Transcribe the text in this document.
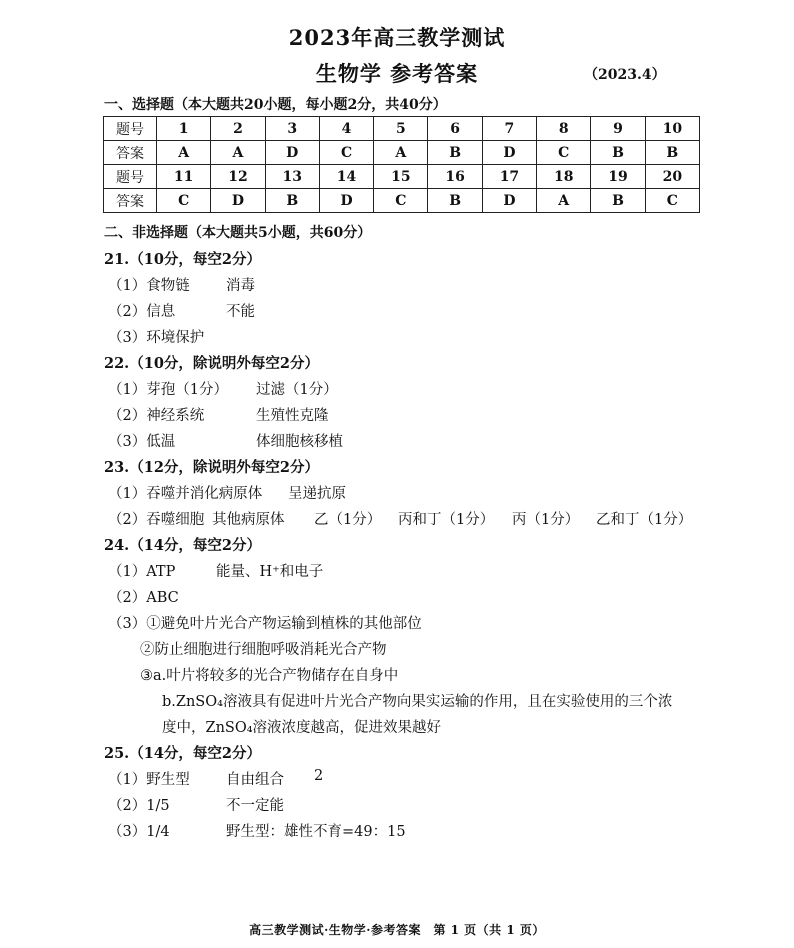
2023年高三教学测试
生物学 参考答案	（2023.4）
一、选择题（本大题共20小题，每小题2分，共40分）
题号	1	2	3	4	5	6	7	8	9	10
答案	A	A	D	C	A	B	D	C	B	B
题号	11	12	13	14	15	16	17	18	19	20
答案	C	D	B	D	C	B	D	A	B	C
二、非选择题（本大题共5小题，共60分）
21.（10分，每空2分）
（1）食物链	消毒
（2）信息	不能
（3）环境保护
22.（10分，除说明外每空2分）
（1）芽孢（1分） 过滤（1分）
（2）神经系统	生殖性克隆
（3）低温	体细胞核移植
23.（12分，除说明外每空2分）
（1）吞噬并消化病原体 呈递抗原
（2）吞噬细胞 其他病原体 乙（1分） 丙和丁（1分） 丙（1分） 乙和丁（1分）
24.（14分，每空2分）
（1）ATP	能量、H⁺和电子
（2）ABC
（3）①避免叶片光合产物运输到植株的其他部位
②防止细胞进行细胞呼吸消耗光合产物
③a.叶片将较多的光合产物储存在自身中
b.ZnSO₄溶液具有促进叶片光合产物向果实运输的作用，且在实验使用的三个浓
度中，ZnSO₄溶液浓度越高，促进效果越好
25.（14分，每空2分）
（1）野生型	自由组合 2
（2）1/5	不一定能
（3）1/4	野生型：雄性不育=49：15
高三教学测试·生物学·参考答案　第 1 页（共 1 页）
